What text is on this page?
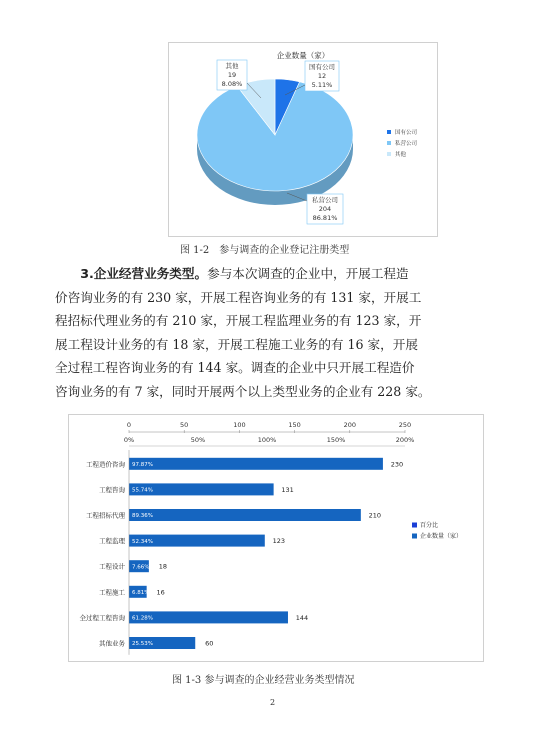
企业数量（家）
其他
19
8.08%
国有公司
12
5.11%
私营公司
204
86.81%
国有公司
私营公司
其他
图 1-2　参与调查的企业登记注册类型
　　3.企业经营业务类型。参与本次调查的企业中，开展工程造
价咨询业务的有 230 家，开展工程咨询业务的有 131 家，开展工
程招标代理业务的有 210 家，开展工程监理业务的有 123 家，开
展工程设计业务的有 18 家，开展工程施工业务的有 16 家，开展
全过程工程咨询业务的有 144 家。调查的企业中只开展工程造价
咨询业务的有 7 家，同时开展两个以上类型业务的企业有 228 家。
0	50	100	150	200	250
0%	50%	100%	150%	200%
工程造价咨询 97.87%	230
工程咨询 55.74%	131
工程招标代理 89.36%	210
工程监理 52.34%	123
工程设计 7.66% 18
工程施工 6.81% 16
全过程工程咨询 61.28%	144
其他业务 25.53%	60
百分比
企业数量（家）
图 1-3 参与调查的企业经营业务类型情况
2
